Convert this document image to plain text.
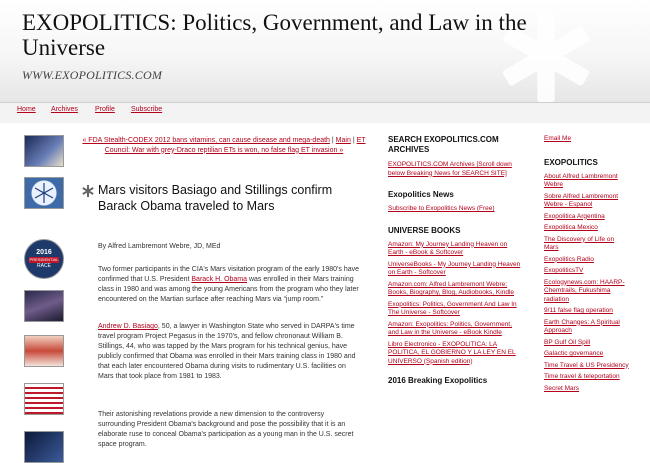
EXOPOLITICS: Politics, Government, and Law in the Universe
WWW.EXOPOLITICS.COM
Home Archives Profile Subscribe
2016
PRESIDENTIAL
RACE
« FDA Stealth-CODEX 2012 bans vitamins, can cause disease and mega-death | Main | ET Council: War with grey-Draco reptilian ETs is won, no false flag ET invasion »
Mars visitors Basiago and Stillings confirm Barack Obama traveled to Mars
By Alfred Lambremont Webre, JD, MEd
Two former participants in the CIA's Mars visitation program of the early 1980's have confirmed that U.S. President Barack H. Obama was enrolled in their Mars training class in 1980 and was among the young Americans from the program who they later encountered on the Martian surface after reaching Mars via “jump room.”
Andrew D. Basiago, 50, a lawyer in Washington State who served in DARPA's time travel program Project Pegasus in the 1970's, and fellow chrononaut William B. Stillings, 44, who was tapped by the Mars program for his technical genius, have publicly confirmed that Obama was enrolled in their Mars training class in 1980 and that each later encountered Obama during visits to rudimentary U.S. facilities on Mars that took place from 1981 to 1983.
Their astonishing revelations provide a new dimension to the controversy surrounding President Obama's background and pose the possibility that it is an elaborate ruse to conceal Obama's participation as a young man in the U.S. secret space program.
SEARCH EXOPOLITICS.COM ARCHIVES
EXOPOLITICS.COM Archives [Scroll down below Breaking News for SEARCH SITE]
Exopolitics News
Subscribe to Exopolitics News (Free)
UNIVERSE BOOKS
Amazon: My Journey Landing Heaven on Earth - eBook & Softcover
UniverseBooks - My Journey Landing Heaven on Earth - Softcover
Amazon.com: Alfred Lambremont Webre: Books, Biography, Blog, Audiobooks, Kindle
Exopolitics: Politics, Government And Law In The Universe - Softcover
Amazon: Exopolitics: Politics, Government, and Law in the Universe - eBook Kindle
Libro Electronico - EXOPOLITICA: LA POLITICA, EL GOBIERNO Y LA LEY EN EL UNIVERSO (Spanish edition)
2016 Breaking Exopolitics
Email Me
EXOPOLITICS
About Alfred Lambremont Webre
Sobre Alfred Lambremont Webre - Espanol
Exopolitica Argentina
Exopolitica Mexico
The Discovery of Life on Mars
Exopolitics Radio
ExopoliticsTV
Ecologynews.com: HAARP-Chemtrails, Fukushima radiation
9/11 false flag operation
Earth Changes: A Spiritual Approach
BP Gulf Oil Spill
Galactic governance
Time Travel & US Presidency
Time travel & teleportation
Secret Mars
